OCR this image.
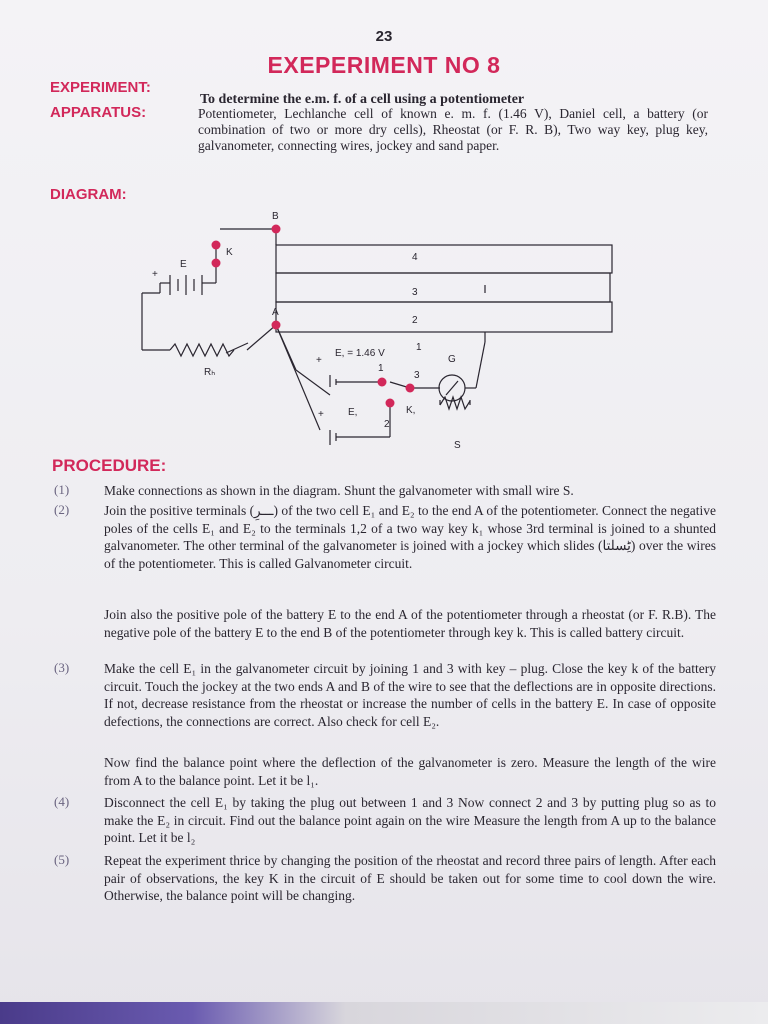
23
EXEPERIMENT NO 8
EXPERIMENT:
To determine the e.m. f. of a cell using a potentiometer
APPARATUS:	Potentiometer, Lechlanche cell of known e. m. f. (1.46 V), Daniel cell, a battery (or combination of two or more dry cells), Rheostat (or F. R. B), Two way key, plug key, galvanometer, connecting wires, jockey and sand paper.
DIAGRAM:
B
K
E
+
A
Rₕ
4
3
2
1
E, = 1.46 V
+
1
3
E,
+
2
K,
G
S
PROCEDURE:
(1)	Make connections as shown in the diagram. Shunt the galvanometer with small wire S.
(2)	Join the positive terminals (ـــرِ) of the two cell E₁ and E₂ to the end A of the potentiometer. Connect the negative poles of the cells E₁ and E₂ to the terminals 1,2 of a two way key k₁ whose 3rd terminal is joined to a shunted galvanometer. The other terminal of the galvanometer is joined with a jockey which slides (ٹِسلتا) over the wires of the potentiometer. This is called Galvanometer circuit.
Join also the positive pole of the battery E to the end A of the potentiometer through a rheostat (or F. R.B). The negative pole of the battery E to the end B of the potentiometer through key k. This is called battery circuit.
(3)	Make the cell E₁ in the galvanometer circuit by joining 1 and 3 with key – plug. Close the key k of the battery circuit. Touch the jockey at the two ends A and B of the wire to see that the deflections are in opposite directions. If not, decrease resistance from the rheostat or increase the number of cells in the battery E. In case of opposite defections, the connections are correct. Also check for cell E₂.
Now find the balance point where the deflection of the galvanometer is zero. Measure the length of the wire from A to the balance point. Let it be l₁.
(4)	Disconnect the cell E₁ by taking the plug out between 1 and 3 Now connect 2 and 3 by putting plug so as to make the E₂ in circuit. Find out the balance point again on the wire Measure the length from A up to the balance point. Let it be l₂
(5)	Repeat the experiment thrice by changing the position of the rheostat and record three pairs of length. After each pair of observations, the key K in the circuit of E should be taken out for some time to cool down the wire. Otherwise, the balance point will be changing.
